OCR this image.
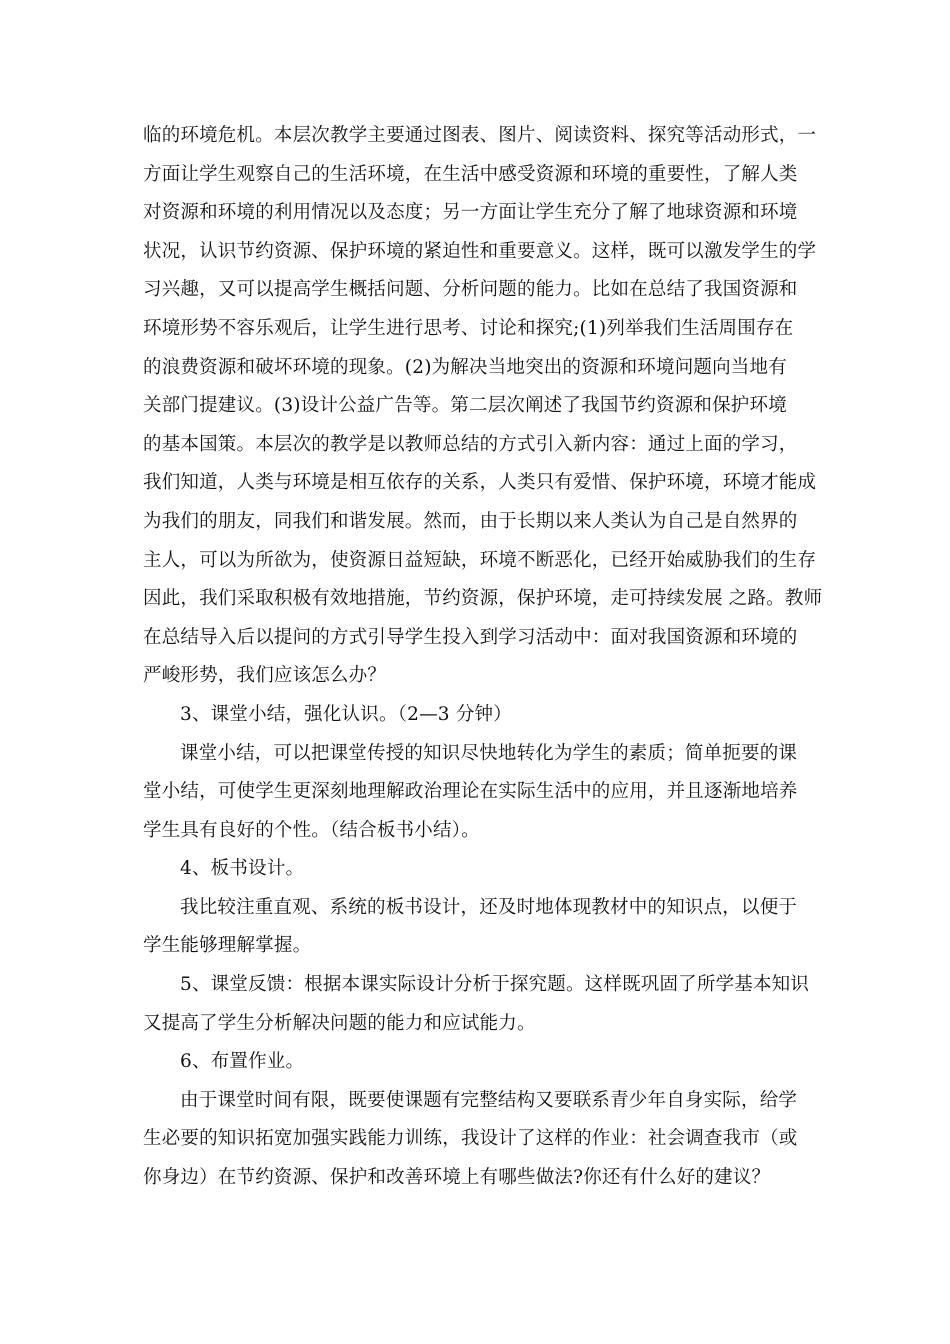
临的环境危机。本层次教学主要通过图表、图片、阅读资料、探究等活动形式，一
方面让学生观察自己的生活环境，在生活中感受资源和环境的重要性，了解人类
对资源和环境的利用情况以及态度；另一方面让学生充分了解了地球资源和环境
状况，认识节约资源、保护环境的紧迫性和重要意义。这样，既可以激发学生的学
习兴趣，又可以提高学生概括问题、分析问题的能力。比如在总结了我国资源和
环境形势不容乐观后，让学生进行思考、讨论和探究;(1)列举我们生活周围存在
的浪费资源和破坏环境的现象。(2)为解决当地突出的资源和环境问题向当地有
关部门提建议。(3)设计公益广告等。第二层次阐述了我国节约资源和保护环境
的基本国策。本层次的教学是以教师总结的方式引入新内容：通过上面的学习，
我们知道，人类与环境是相互依存的关系，人类只有爱惜、保护环境，环境才能成
为我们的朋友，同我们和谐发展。然而，由于长期以来人类认为自己是自然界的
主人，可以为所欲为，使资源日益短缺，环境不断恶化，已经开始威胁我们的生存
因此，我们采取积极有效地措施，节约资源，保护环境，走可持续发展 之路。教师
在总结导入后以提问的方式引导学生投入到学习活动中：面对我国资源和环境的
严峻形势，我们应该怎么办？
3、课堂小结，强化认识。（2—3 分钟）
课堂小结，可以把课堂传授的知识尽快地转化为学生的素质；简单扼要的课
堂小结，可使学生更深刻地理解政治理论在实际生活中的应用，并且逐渐地培养
学生具有良好的个性。（结合板书小结）。
4、板书设计。
我比较注重直观、系统的板书设计，还及时地体现教材中的知识点，以便于
学生能够理解掌握。
5、课堂反馈：根据本课实际设计分析于探究题。这样既巩固了所学基本知识
又提高了学生分析解决问题的能力和应试能力。
6、布置作业。
由于课堂时间有限，既要使课题有完整结构又要联系青少年自身实际，给学
生必要的知识拓宽加强实践能力训练，我设计了这样的作业：社会调查我市（或
你身边）在节约资源、保护和改善环境上有哪些做法?你还有什么好的建议？
